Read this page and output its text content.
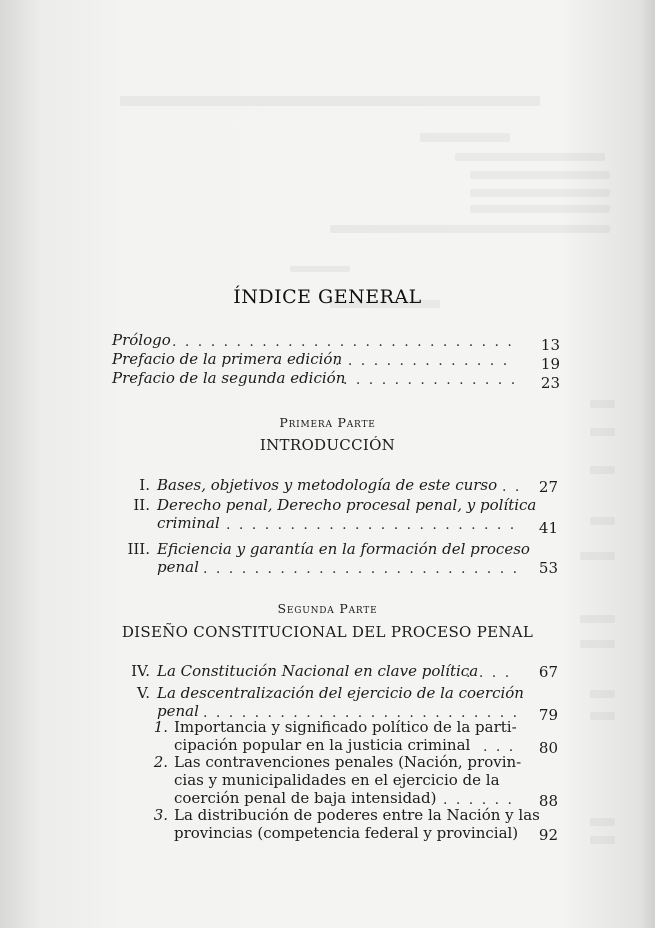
ÍNDICE GENERAL
Prólogo . . .	13
Prefacio de la primera edición . . .	19
Prefacio de la segunda edición . . .	23
Primera Parte
INTRODUCCIÓN
I. Bases, objetivos y metodología de este curso . . .	27
II. Derecho penal, Derecho procesal penal, y política
criminal . . .	41
III. Eficiencia y garantía en la formación del proceso
penal . . .	53
Segunda Parte
DISEÑO CONSTITUCIONAL DEL PROCESO PENAL
IV. La Constitución Nacional en clave política . . .	67
V. La descentralización del ejercicio de la coerción
penal . . .	79
1. Importancia y significado político de la parti-
cipación popular en la justicia criminal . . .	80
2. Las contravenciones penales (Nación, provin-
cias y municipalidades en el ejercicio de la
coerción penal de baja intensidad) . . .	88
3. La distribución de poderes entre la Nación y las
provincias (competencia federal y provincial)	92
